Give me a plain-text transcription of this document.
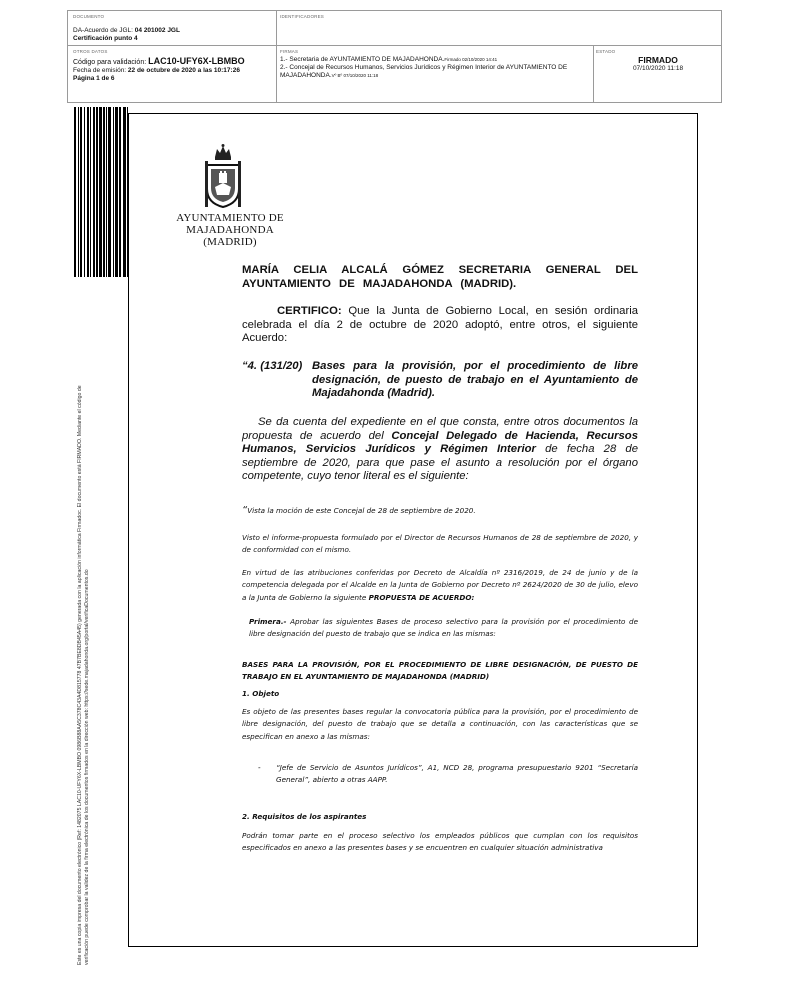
DOCUMENTO
DA-Acuerdo de JGL: 04 201002 JGL
Certificación punto 4
IDENTIFICADORES
OTROS DATOS
Código para validación: LAC10-UFY6X-LBMBO
Fecha de emisión: 22 de octubre de 2020 a las 10:17:26
Página 1 de 6
FIRMAS
1.- Secretaria de AYUNTAMIENTO DE MAJADAHONDA.Firmado 02/10/2020 14:41
2.- Concejal de Recursos Humanos, Servicios Jurídicos y Régimen Interior de AYUNTAMIENTO DE MAJADAHONDA.Vº Bº 07/10/2020 11:18
ESTADO
FIRMADO
07/10/2020 11:18
Este es una copia impresa del documento electrónico (Ref: 1482075 LAC10-UFY6X-LBMBO 0986B88AA5C378C43A4D815778 47B7BE8DB45A45) generada con la aplicación informática Firmadoc. El documento está FIRMADO. Mediante el código de verificación puede comprobar la validez de la firma electrónica de los documentos firmados en la dirección web: https://sede.majadahonda.org/portal/verificaDocumentos.do
AYUNTAMIENTO DE
MAJADAHONDA
(MADRID)
MARÍA CELIA ALCALÁ GÓMEZ SECRETARIA GENERAL DEL AYUNTAMIENTO DE MAJADAHONDA (MADRID).
CERTIFICO: Que la Junta de Gobierno Local, en sesión ordinaria celebrada el día 2 de octubre de 2020 adoptó, entre otros, el siguiente Acuerdo:
“4. (131/20) Bases para la provisión, por el procedimiento de libre designación, de puesto de trabajo en el Ayuntamiento de Majadahonda (Madrid).
Se da cuenta del expediente en el que consta, entre otros documentos la propuesta de acuerdo del Concejal Delegado de Hacienda, Recursos Humanos, Servicios Jurídicos y Régimen Interior de fecha 28 de septiembre de 2020, para que pase el asunto a resolución por el órgano competente, cuyo tenor literal es el siguiente:
“Vista la moción de este Concejal de 28 de septiembre de 2020.
Visto el informe-propuesta formulado por el Director de Recursos Humanos de 28 de septiembre de 2020, y de conformidad con el mismo.
En virtud de las atribuciones conferidas por Decreto de Alcaldía nº 2316/2019, de 24 de junio y de la competencia delegada por el Alcalde en la Junta de Gobierno por Decreto nº 2624/2020 de 30 de julio, elevo a la Junta de Gobierno la siguiente PROPUESTA DE ACUERDO:
Primera.- Aprobar las siguientes Bases de proceso selectivo para la provisión por el procedimiento de libre designación del puesto de trabajo que se indica en las mismas:
BASES PARA LA PROVISIÓN, POR EL PROCEDIMIENTO DE LIBRE DESIGNACIÓN, DE PUESTO DE TRABAJO EN EL AYUNTAMIENTO DE MAJADAHONDA (MADRID)
1. Objeto
Es objeto de las presentes bases regular la convocatoria pública para la provisión, por el procedimiento de libre designación, del puesto de trabajo que se detalla a continuación, con las características que se especifican en anexo a las mismas:
- “Jefe de Servicio de Asuntos Jurídicos”, A1, NCD 28, programa presupuestario 9201 “Secretaría General”, abierto a otras AAPP.
2. Requisitos de los aspirantes
Podrán tomar parte en el proceso selectivo los empleados públicos que cumplan con los requisitos especificados en anexo a las presentes bases y se encuentren en cualquier situación administrativa
